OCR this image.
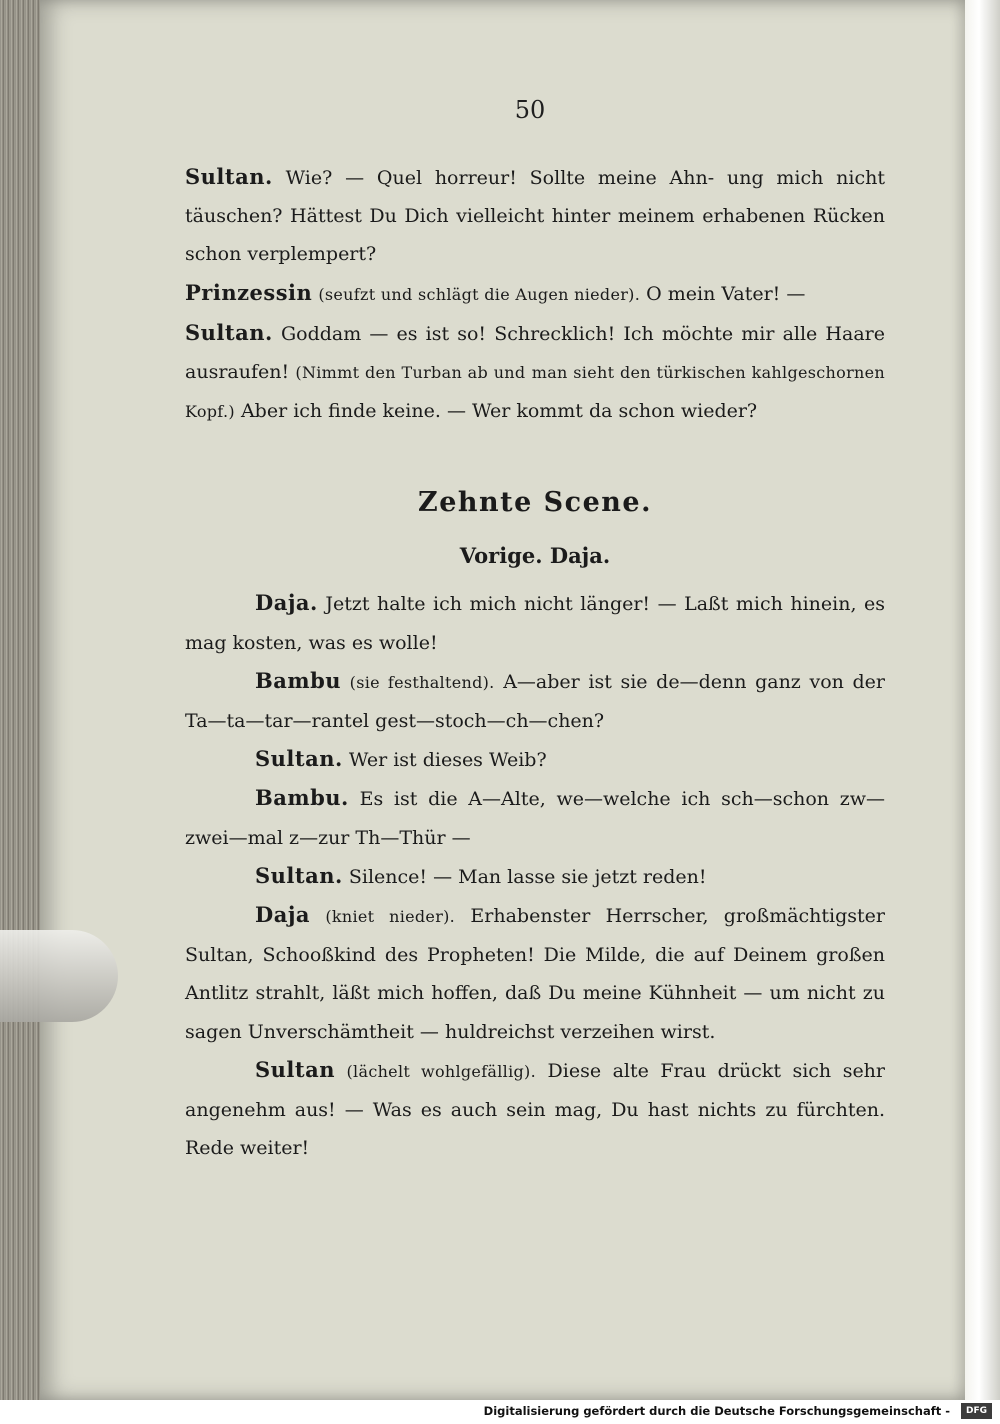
50

Sultan. Wie? — Quel horreur! Sollte meine Ahn- ung mich nicht täuschen? Hättest Du Dich vielleicht hinter meinem erhabenen Rücken schon verplempert?

Prinzessin (seufzt und schlägt die Augen nieder). O mein Vater! —

Sultan. Goddam — es ist so! Schrecklich! Ich möchte mir alle Haare ausraufen! (Nimmt den Turban ab und man sieht den türkischen kahlgeschornen Kopf.) Aber ich finde keine. — Wer kommt da schon wieder?

Zehnte Scene.
Vorige. Daja.

Daja. Jetzt halte ich mich nicht länger! — Laßt mich hinein, es mag kosten, was es wolle!

Bambu (sie festhaltend). A—aber ist sie de—denn ganz von der Ta—ta—tar—rantel gest—stoch—ch—chen?

Sultan. Wer ist dieses Weib?

Bambu. Es ist die A—Alte, we—welche ich sch—schon zw—zwei—mal z—zur Th—Thür —

Sultan. Silence! — Man lasse sie jetzt reden!

Daja (kniet nieder). Erhabenster Herrscher, großmächtigster Sultan, Schooßkind des Propheten! Die Milde, die auf Deinem großen Antlitz strahlt, läßt mich hoffen, daß Du meine Kühnheit — um nicht zu sagen Unverschämtheit — huldreichst verzeihen wirst.

Sultan (lächelt wohlgefällig). Diese alte Frau drückt sich sehr angenehm aus! — Was es auch sein mag, Du hast nichts zu fürchten. Rede weiter!

Digitalisierung gefördert durch die Deutsche Forschungsgemeinschaft -	DFG
